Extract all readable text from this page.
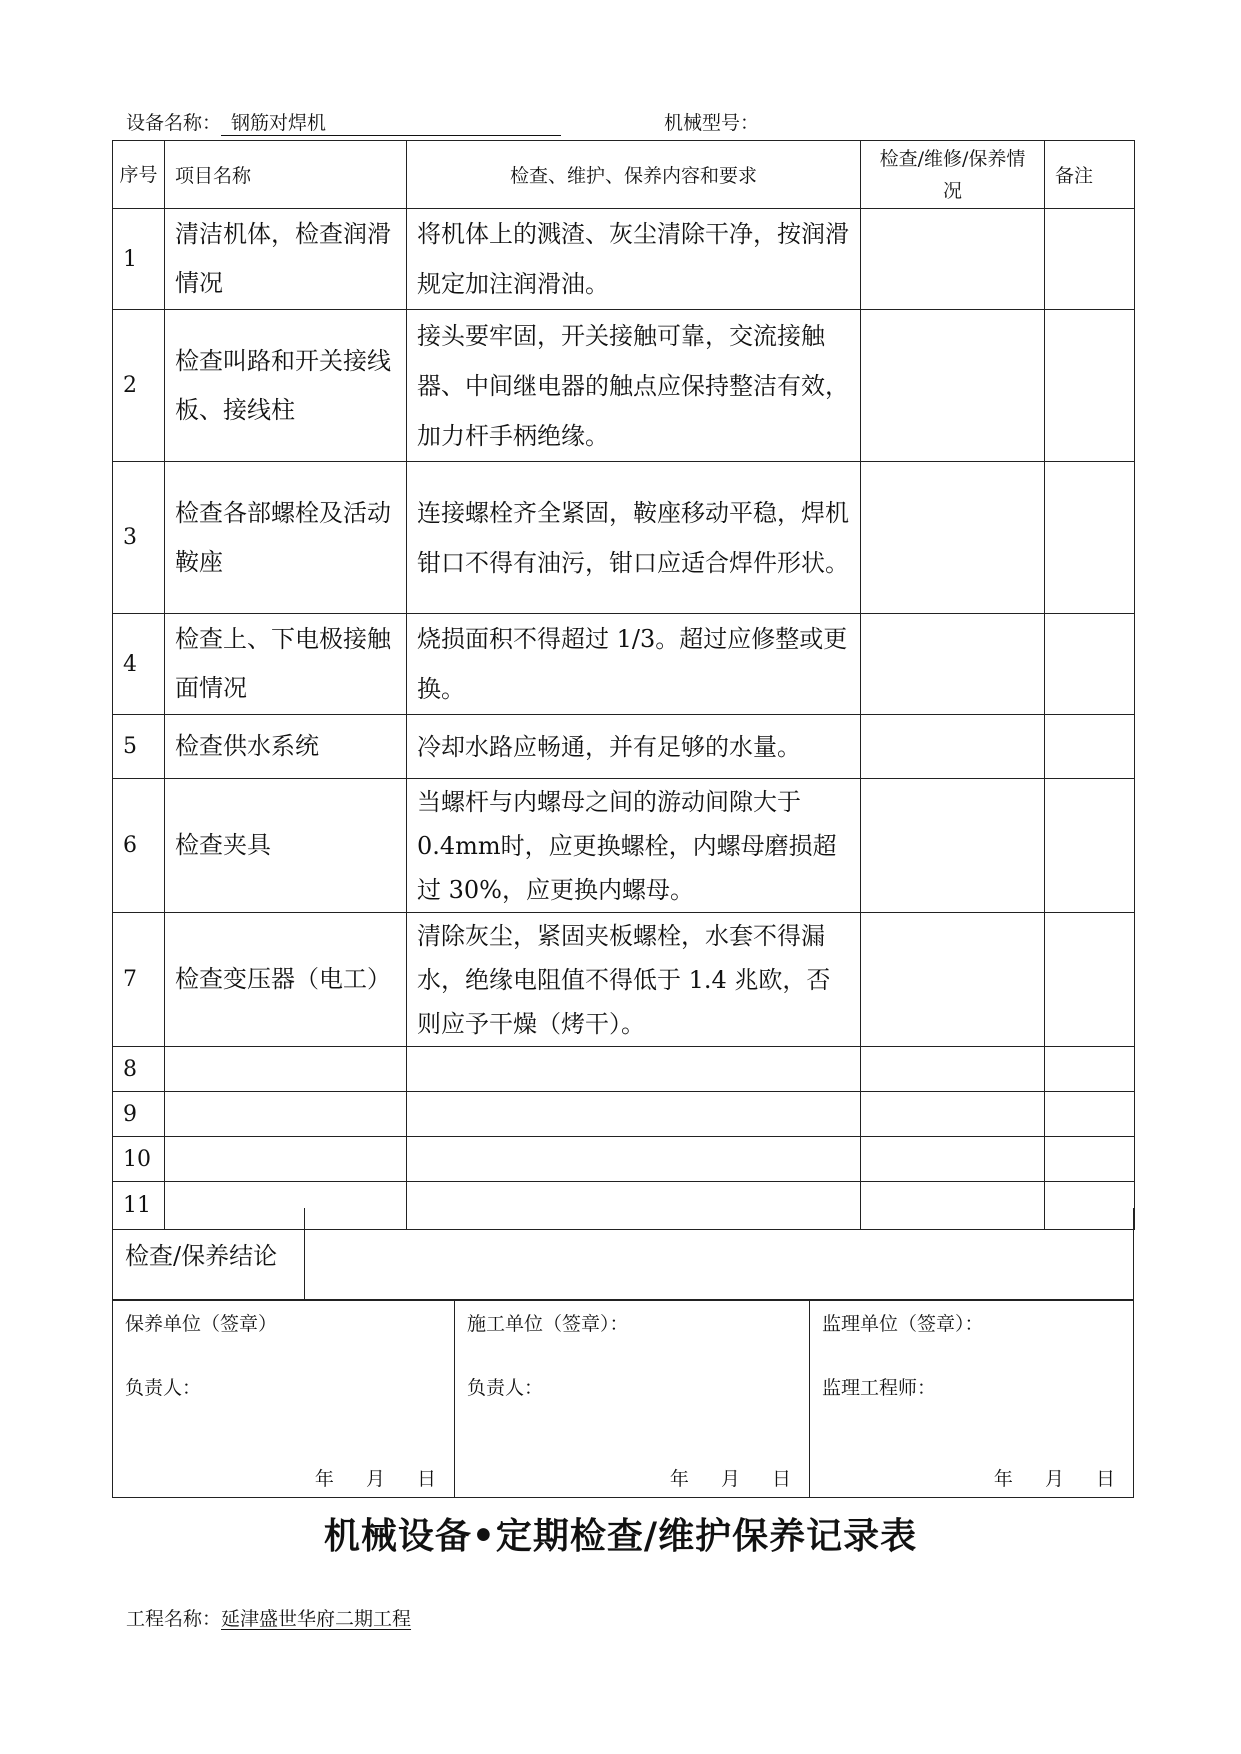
设备名称： 钢筋对焊机	机械型号：
序号	项目名称	检查、维护、保养内容和要求	检查/维修/保养情况	备注
1	清洁机体，检查润滑情况	将机体上的溅渣、灰尘清除干净，按润滑规定加注润滑油。		
2	检查叫路和开关接线板、接线柱	接头要牢固，开关接触可靠，交流接触器、中间继电器的触点应保持整洁有效，加力杆手柄绝缘。		
3	检查各部螺栓及活动鞍座	连接螺栓齐全紧固，鞍座移动平稳，焊机钳口不得有油污，钳口应适合焊件形状。		
4	检查上、下电极接触面情况	烧损面积不得超过 1/3。超过应修整或更换。		
5	检查供水系统	冷却水路应畅通，并有足够的水量。		
6	检查夹具	当螺杆与内螺母之间的游动间隙大于 0.4mm时，应更换螺栓，内螺母磨损超过 30%，应更换内螺母。		
7	检查变压器（电工）	清除灰尘，紧固夹板螺栓，水套不得漏水，绝缘电阻值不得低于 1.4 兆欧，否则应予干燥（烤干）。		
8				
9				
10				
11				
检查/保养结论
保养单位（签章）
负责人：
年 月 日
施工单位（签章）：
负责人：
年 月 日
监理单位（签章）：
监理工程师：
年 月 日
机械设备•定期检查/维护保养记录表
工程名称：延津盛世华府二期工程
